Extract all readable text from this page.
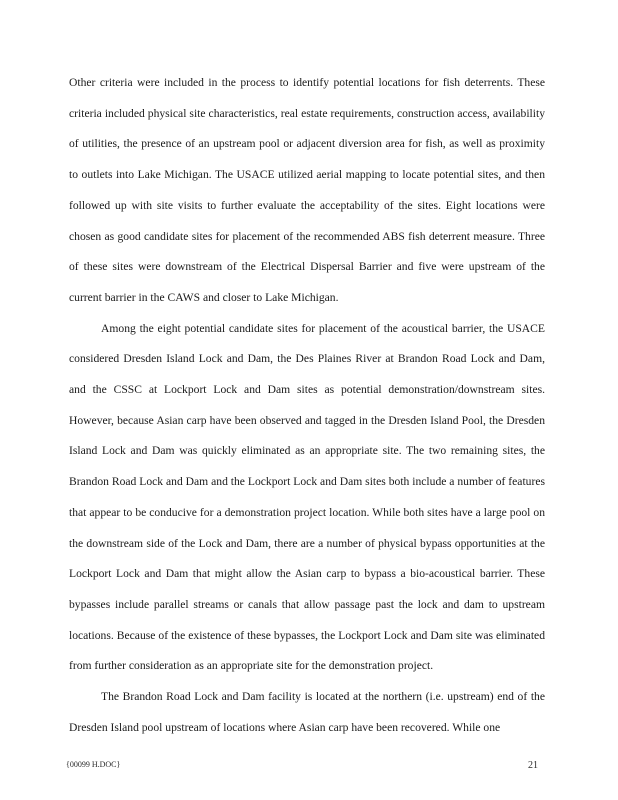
Other criteria were included in the process to identify potential locations for fish deterrents. These criteria included physical site characteristics, real estate requirements, construction access, availability of utilities, the presence of an upstream pool or adjacent diversion area for fish, as well as proximity to outlets into Lake Michigan. The USACE utilized aerial mapping to locate potential sites, and then followed up with site visits to further evaluate the acceptability of the sites. Eight locations were chosen as good candidate sites for placement of the recommended ABS fish deterrent measure. Three of these sites were downstream of the Electrical Dispersal Barrier and five were upstream of the current barrier in the CAWS and closer to Lake Michigan.

Among the eight potential candidate sites for placement of the acoustical barrier, the USACE considered Dresden Island Lock and Dam, the Des Plaines River at Brandon Road Lock and Dam, and the CSSC at Lockport Lock and Dam sites as potential demonstration/downstream sites. However, because Asian carp have been observed and tagged in the Dresden Island Pool, the Dresden Island Lock and Dam was quickly eliminated as an appropriate site. The two remaining sites, the Brandon Road Lock and Dam and the Lockport Lock and Dam sites both include a number of features that appear to be conducive for a demonstration project location. While both sites have a large pool on the downstream side of the Lock and Dam, there are a number of physical bypass opportunities at the Lockport Lock and Dam that might allow the Asian carp to bypass a bio-acoustical barrier. These bypasses include parallel streams or canals that allow passage past the lock and dam to upstream locations. Because of the existence of these bypasses, the Lockport Lock and Dam site was eliminated from further consideration as an appropriate site for the demonstration project.

The Brandon Road Lock and Dam facility is located at the northern (i.e. upstream) end of the Dresden Island pool upstream of locations where Asian carp have been recovered. While one

{00099 H.DOC}	21
